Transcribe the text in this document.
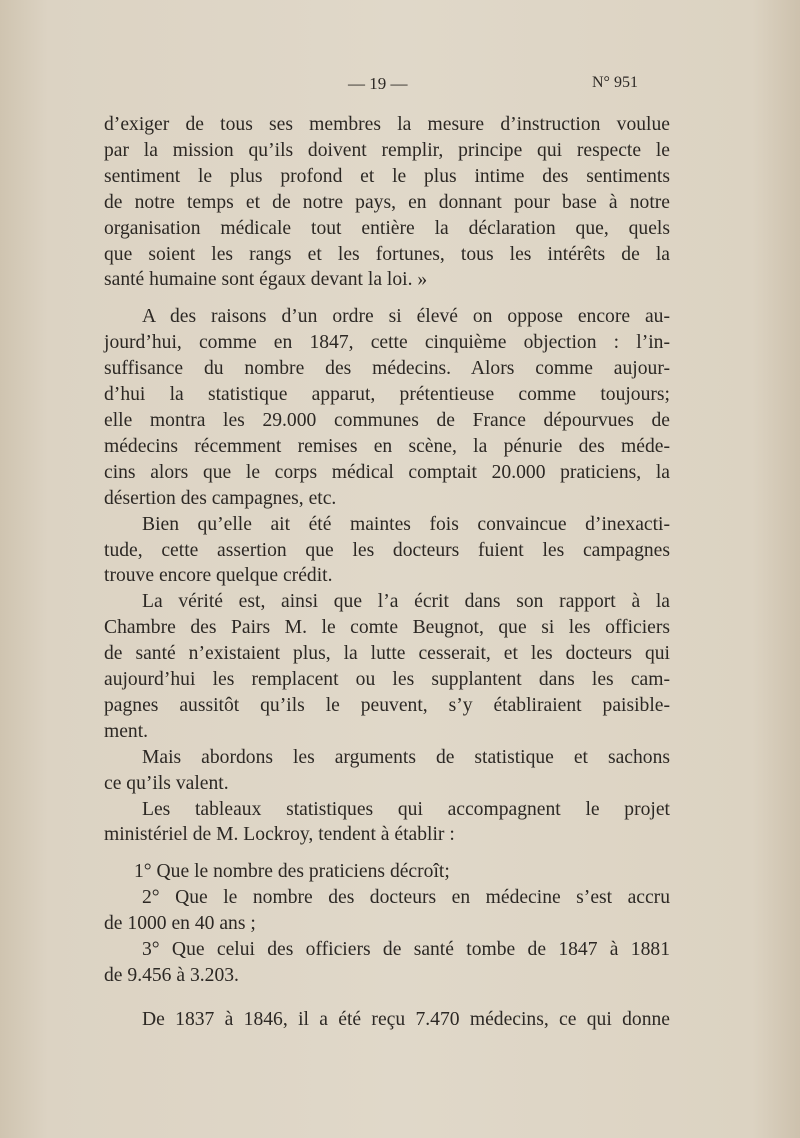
— 19 —	N° 951

d’exiger de tous ses membres la mesure d’instruction voulue
par la mission qu’ils doivent remplir, principe qui respecte le
sentiment le plus profond et le plus intime des sentiments
de notre temps et de notre pays, en donnant pour base à notre
organisation médicale tout entière la déclaration que, quels
que soient les rangs et les fortunes, tous les intérêts de la
santé humaine sont égaux devant la loi. »

A des raisons d’un ordre si élevé on oppose encore au-
jourd’hui, comme en 1847, cette cinquième objection : l’in-
suffisance du nombre des médecins. Alors comme aujour-
d’hui la statistique apparut, prétentieuse comme toujours;
elle montra les 29.000 communes de France dépourvues de
médecins récemment remises en scène, la pénurie des méde-
cins alors que le corps médical comptait 20.000 praticiens, la
désertion des campagnes, etc.

Bien qu’elle ait été maintes fois convaincue d’inexacti-
tude, cette assertion que les docteurs fuient les campagnes
trouve encore quelque crédit.

La vérité est, ainsi que l’a écrit dans son rapport à la
Chambre des Pairs M. le comte Beugnot, que si les officiers
de santé n’existaient plus, la lutte cesserait, et les docteurs qui
aujourd’hui les remplacent ou les supplantent dans les cam-
pagnes aussitôt qu’ils le peuvent, s’y établiraient paisible-
ment.

Mais abordons les arguments de statistique et sachons
ce qu’ils valent.

Les tableaux statistiques qui accompagnent le projet
ministériel de M. Lockroy, tendent à établir :

1° Que le nombre des praticiens décroît;

2° Que le nombre des docteurs en médecine s’est accru
de 1000 en 40 ans ;

3° Que celui des officiers de santé tombe de 1847 à 1881
de 9.456 à 3.203.

De 1837 à 1846, il a été reçu 7.470 médecins, ce qui donne
